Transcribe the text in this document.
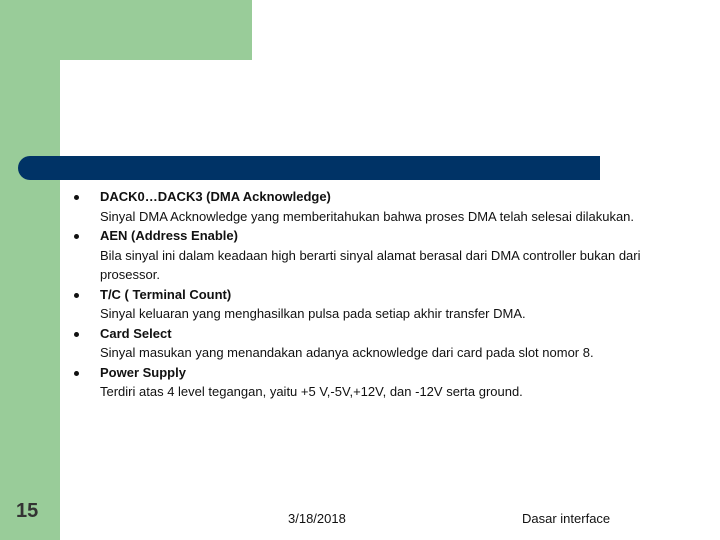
DACK0…DACK3 (DMA Acknowledge)
Sinyal DMA Acknowledge yang memberitahukan bahwa proses DMA telah selesai dilakukan.
AEN (Address Enable)
Bila sinyal ini dalam keadaan high berarti sinyal alamat berasal dari DMA controller bukan dari prosessor.
T/C ( Terminal Count)
Sinyal keluaran yang menghasilkan pulsa pada setiap akhir transfer DMA.
Card Select
Sinyal masukan yang menandakan adanya acknowledge dari card pada slot nomor 8.
Power Supply
Terdiri atas 4 level tegangan, yaitu +5 V,-5V,+12V, dan -12V serta ground.
15	3/18/2018	Dasar interface
